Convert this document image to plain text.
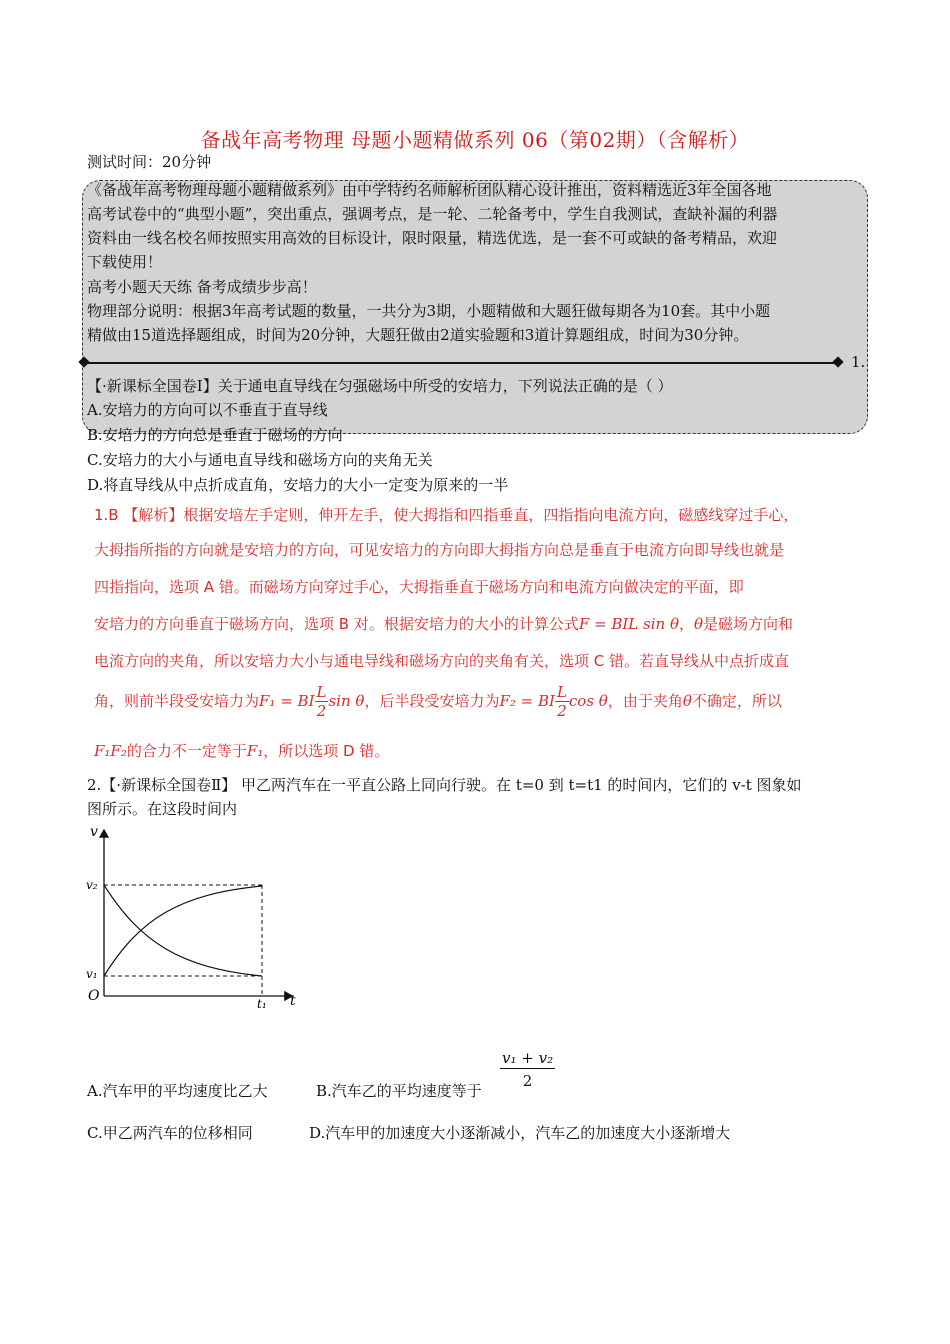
备战年高考物理 母题小题精做系列 06（第02期）（含解析）
测试时间：20分钟
《备战年高考物理母题小题精做系列》由中学特约名师解析团队精心设计推出，资料精选近3年全国各地
高考试卷中的“典型小题”，突出重点，强调考点，是一轮、二轮备考中，学生自我测试，查缺补漏的利器
资料由一线名校名师按照实用高效的目标设计，限时限量，精选优选，是一套不可或缺的备考精品，欢迎
下载使用！
高考小题天天练 备考成绩步步高！
物理部分说明：根据3年高考试题的数量，一共分为3期，小题精做和大题狂做每期各为10套。其中小题
精做由15道选择题组成，时间为20分钟，大题狂做由2道实验题和3道计算题组成，时间为30分钟。
1.
【·新课标全国卷Ⅰ】关于通电直导线在匀强磁场中所受的安培力，下列说法正确的是（ ）
A.安培力的方向可以不垂直于直导线
B.安培力的方向总是垂直于磁场的方向
C.安培力的大小与通电直导线和磁场方向的夹角无关
D.将直导线从中点折成直角，安培力的大小一定变为原来的一半
1.B 【解析】根据安培左手定则，伸开左手，使大拇指和四指垂直，四指指向电流方向，磁感线穿过手心，
大拇指所指的方向就是安培力的方向，可见安培力的方向即大拇指方向总是垂直于电流方向即导线也就是
四指指向，选项 A 错。而磁场方向穿过手心，大拇指垂直于磁场方向和电流方向做决定的平面，即
安培力的方向垂直于磁场方向，选项 B 对。根据安培力的大小的计算公式F = BIL sin θ，θ是磁场方向和
电流方向的夹角，所以安培力大小与通电导线和磁场方向的夹角有关，选项 C 错。若直导线从中点折成直
角，则前半段受安培力为F₁ = BI $\frac{L}{2}$ sin θ，后半段受安培力为F₂ = BI $\frac{L}{2}$ cos θ，由于夹角θ不确定，所以
F₁F₂的合力不一定等于F₁，所以选项 D 错。
2.【·新课标全国卷Ⅱ】 甲乙两汽车在一平直公路上同向行驶。在 t=0 到 t=t1 的时间内，它们的 v-t 图象如
图所示。在这段时间内
v
t
v₂
v₁
O	t₁
A.汽车甲的平均速度比乙大	B.汽车乙的平均速度等于 $\frac{\text{v₁ + v₂}}{2}$
C.甲乙两汽车的位移相同	D.汽车甲的加速度大小逐渐减小，汽车乙的加速度大小逐渐增大
